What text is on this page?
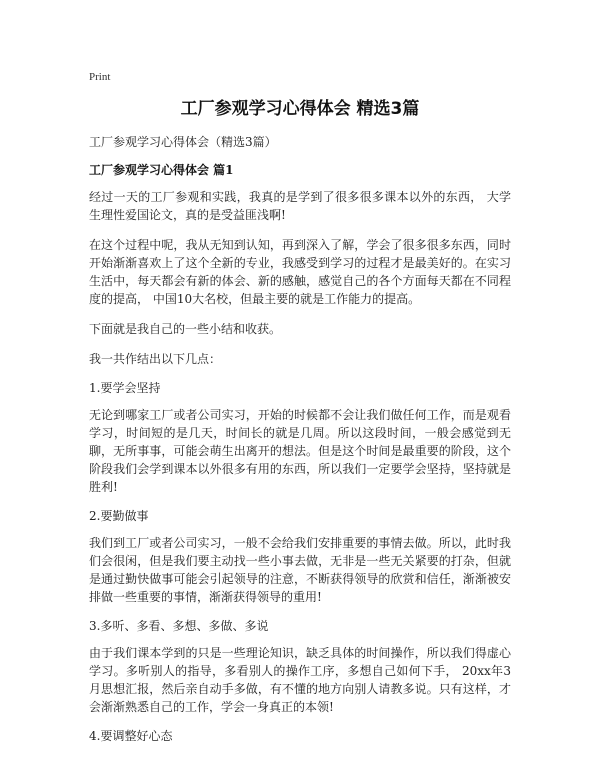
Print
工厂参观学习心得体会 精选3篇
工厂参观学习心得体会（精选3篇）
工厂参观学习心得体会 篇1

经过一天的工厂参观和实践，我真的是学到了很多很多课本以外的东西， 大学生理性爱国论文，真的是受益匪浅啊!

在这个过程中呢，我从无知到认知，再到深入了解，学会了很多很多东西，同时开始渐渐喜欢上了这个全新的专业，我感受到学习的过程才是最美好的。在实习生活中，每天都会有新的体会、新的感触，感觉自己的各个方面每天都在不同程度的提高， 中国10大名校，但最主要的就是工作能力的提高。

下面就是我自己的一些小结和收获。

我一共作结出以下几点：

1.要学会坚持

无论到哪家工厂或者公司实习，开始的时候都不会让我们做任何工作，而是观看学习，时间短的是几天，时间长的就是几周。所以这段时间，一般会感觉到无聊，无所事事，可能会萌生出离开的想法。但是这个时间是最重要的阶段，这个阶段我们会学到课本以外很多有用的东西，所以我们一定要学会坚持，坚持就是胜利!

2.要勤做事

我们到工厂或者公司实习，一般不会给我们安排重要的事情去做。所以，此时我们会很闲，但是我们要主动找一些小事去做，无非是一些无关紧要的打杂，但就是通过勤快做事可能会引起领导的注意，不断获得领导的欣赏和信任，渐渐被安排做一些重要的事情，渐渐获得领导的重用!

3.多听、多看、多想、多做、多说

由于我们课本学到的只是一些理论知识，缺乏具体的时间操作，所以我们得虚心学习。多听别人的指导，多看别人的操作工序，多想自己如何下手， 20xx年3月思想汇报，然后亲自动手多做，有不懂的地方向别人请教多说。只有这样，才会渐渐熟悉自己的工作，学会一身真正的本领!

4.要调整好心态
